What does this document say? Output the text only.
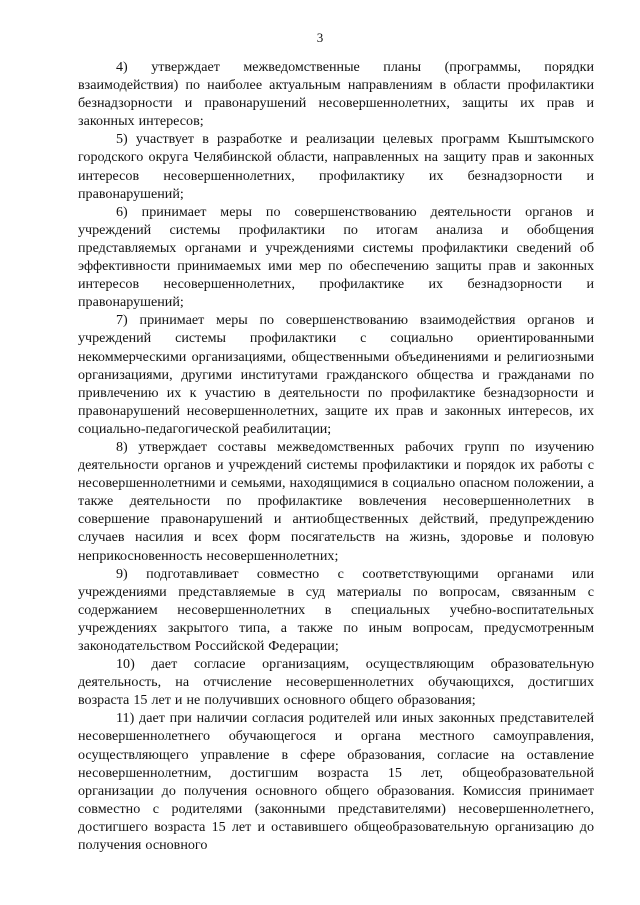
3

4) утверждает межведомственные планы (программы, порядки взаимодействия) по наиболее актуальным направлениям в области профилактики безнадзорности и правонарушений несовершеннолетних, защиты их прав и законных интересов;

5) участвует в разработке и реализации целевых программ Кыштымского городского округа Челябинской области, направленных на защиту прав и законных интересов несовершеннолетних, профилактику их безнадзорности и правонарушений;

6) принимает меры по совершенствованию деятельности органов и учреждений системы профилактики по итогам анализа и обобщения представляемых органами и учреждениями системы профилактики сведений об эффективности принимаемых ими мер по обеспечению защиты прав и законных интересов несовершеннолетних, профилактике их безнадзорности и правонарушений;

7) принимает меры по совершенствованию взаимодействия органов и учреждений системы профилактики с социально ориентированными некоммерческими организациями, общественными объединениями и религиозными организациями, другими институтами гражданского общества и гражданами по привлечению их к участию в деятельности по профилактике безнадзорности и правонарушений несовершеннолетних, защите их прав и законных интересов, их социально-педагогической реабилитации;

8) утверждает составы межведомственных рабочих групп по изучению деятельности органов и учреждений системы профилактики и порядок их работы с несовершеннолетними и семьями, находящимися в социально опасном положении, а также деятельности по профилактике вовлечения несовершеннолетних в совершение правонарушений и антиобщественных действий, предупреждению случаев насилия и всех форм посягательств на жизнь, здоровье и половую неприкосновенность несовершеннолетних;

9) подготавливает совместно с соответствующими органами или учреждениями представляемые в суд материалы по вопросам, связанным с содержанием несовершеннолетних в специальных учебно-воспитательных учреждениях закрытого типа, а также по иным вопросам, предусмотренным законодательством Российской Федерации;

10) дает согласие организациям, осуществляющим образовательную деятельность, на отчисление несовершеннолетних обучающихся, достигших возраста 15 лет и не получивших основного общего образования;

11) дает при наличии согласия родителей или иных законных представителей несовершеннолетнего обучающегося и органа местного самоуправления, осуществляющего управление в сфере образования, согласие на оставление несовершеннолетним, достигшим возраста 15 лет, общеобразовательной организации до получения основного общего образования. Комиссия принимает совместно с родителями (законными представителями) несовершеннолетнего, достигшего возраста 15 лет и оставившего общеобразовательную организацию до получения основного
